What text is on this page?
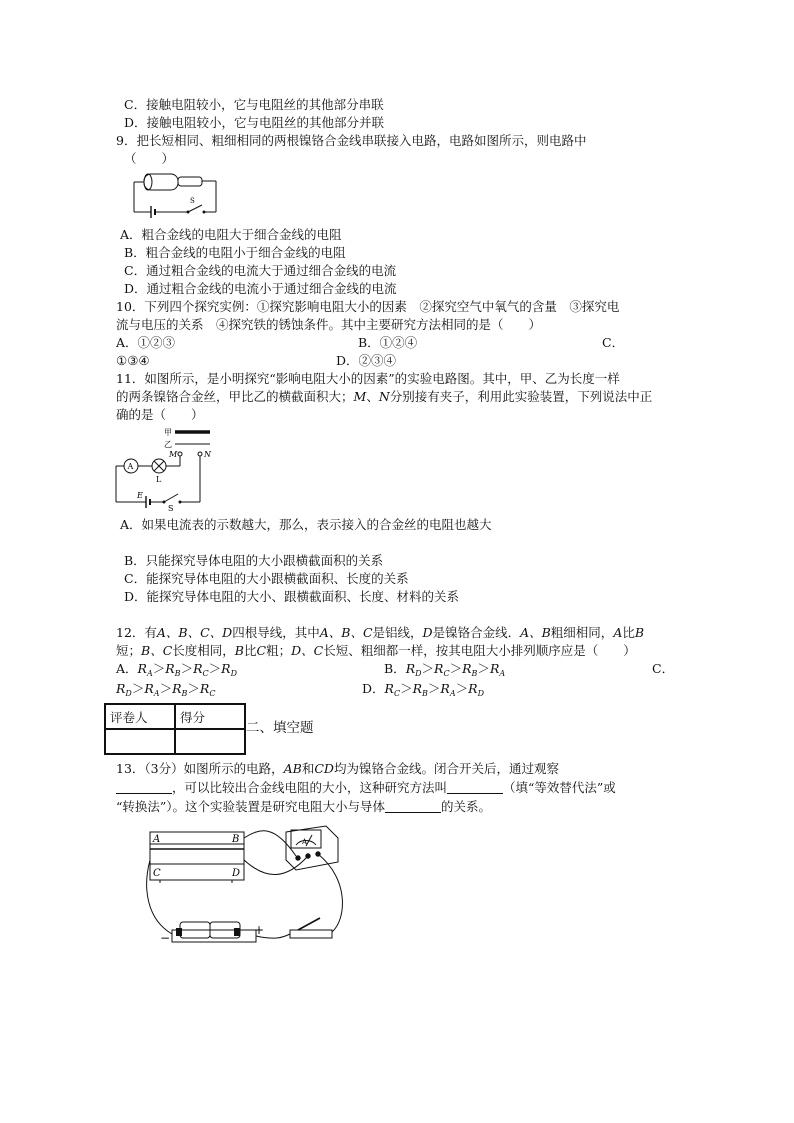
C．接触电阻较小，它与电阻丝的其他部分串联
D．接触电阻较小，它与电阻丝的其他部分并联
9．把长短相同、粗细相同的两根镍铬合金线串联接入电路，电路如图所示，则电路中
（　　）
S
A．粗合金线的电阻大于细合金线的电阻
B．粗合金线的电阻小于细合金线的电阻
C．通过粗合金线的电流大于通过细合金线的电流
D．通过粗合金线的电流小于通过细合金线的电流
10．下列四个探究实例：①探究影响电阻大小的因素　②探究空气中氧气的含量　③探究电
流与电压的关系　④探究铁的锈蚀条件。其中主要研究方法相同的是（　　）
A．①②③	B．①②④	C．
①③④	D．②③④
11．如图所示，是小明探究“影响电阻大小的因素”的实验电路图。其中，甲、乙为长度一样
的两条镍铬合金丝，甲比乙的横截面积大；M、N分别接有夹子，利用此实验装置，下列说法中正
确的是（　　）
甲
乙
A
L
M	N
E
S
A．如果电流表的示数越大，那么，表示接入的合金丝的电阻也越大
B．只能探究导体电阻的大小跟横截面积的关系
C．能探究导体电阻的大小跟横截面积、长度的关系
D．能探究导体电阻的大小、跟横截面积、长度、材料的关系
12．有A、B、C、D四根导线，其中A、B、C是铝线，D是镍铬合金线．A、B粗细相同，A比B
短；B、C长度相同，B比C粗；D、C长短、粗细都一样，按其电阻大小排列顺序应是（　　）
A．$R_A>R_B>R_C>R_D$	B．$R_D>R_C>R_B>R_A$	C．
$R_D>R_A>R_B>R_C$	D．$R_C>R_B>R_A>R_D$
评卷人	得分

二、填空题
13．（3分）如图所示的电路，AB和CD均为镍铬合金线。闭合开关后，通过观察
，可以比较出合金线电阻的大小，这种研究方法叫	（填“等效替代法”或
“转换法”）。这个实验装置是研究电阻大小与导体	的关系。
A	B
C	D
A
−
+
